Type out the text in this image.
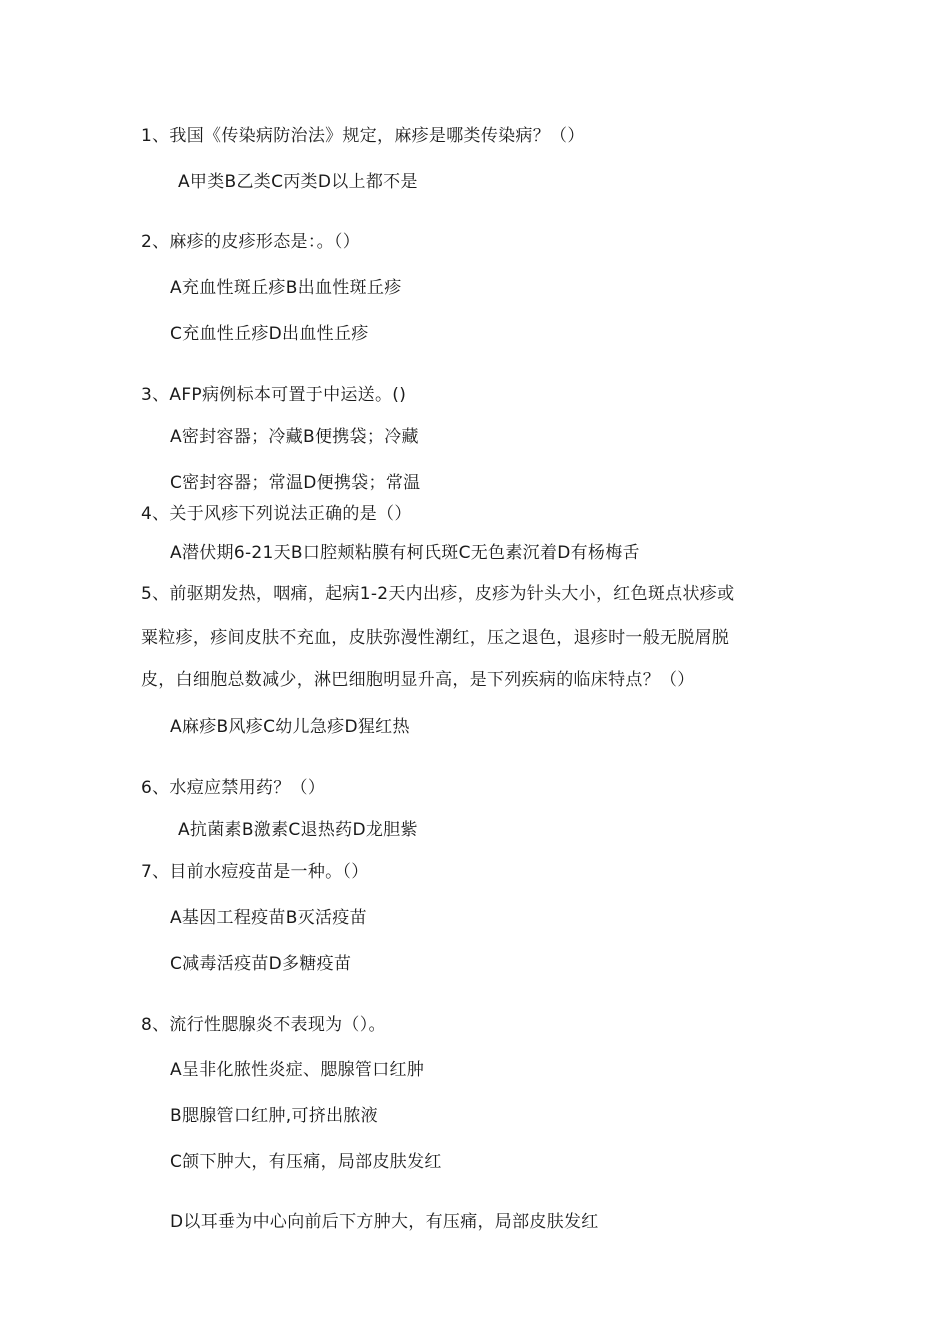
1、我国《传染病防治法》规定，麻疹是哪类传染病？（）
A甲类B乙类C丙类D以上都不是
2、麻疹的皮疹形态是：。（）
A充血性斑丘疹B出血性斑丘疹
C充血性丘疹D出血性丘疹
3、AFP病例标本可置于中运送。()
A密封容器；冷藏B便携袋；冷藏
C密封容器；常温D便携袋；常温
4、关于风疹下列说法正确的是（）
A潜伏期6-21天B口腔颊粘膜有柯氏斑C无色素沉着D有杨梅舌
5、前驱期发热，咽痛，起病1-2天内出疹，皮疹为针头大小，红色斑点状疹或
粟粒疹，疹间皮肤不充血，皮肤弥漫性潮红，压之退色，退疹时一般无脱屑脱
皮，白细胞总数减少，淋巴细胞明显升高，是下列疾病的临床特点？（）
A麻疹B风疹C幼儿急疹D猩红热
6、水痘应禁用药？（）
A抗菌素B激素C退热药D龙胆紫
7、目前水痘疫苗是一种。（）
A基因工程疫苗B灭活疫苗
C减毒活疫苗D多糖疫苗
8、流行性腮腺炎不表现为（）。
A呈非化脓性炎症、腮腺管口红肿
B腮腺管口红肿,可挤出脓液
C颌下肿大，有压痛，局部皮肤发红
D以耳垂为中心向前后下方肿大，有压痛，局部皮肤发红
